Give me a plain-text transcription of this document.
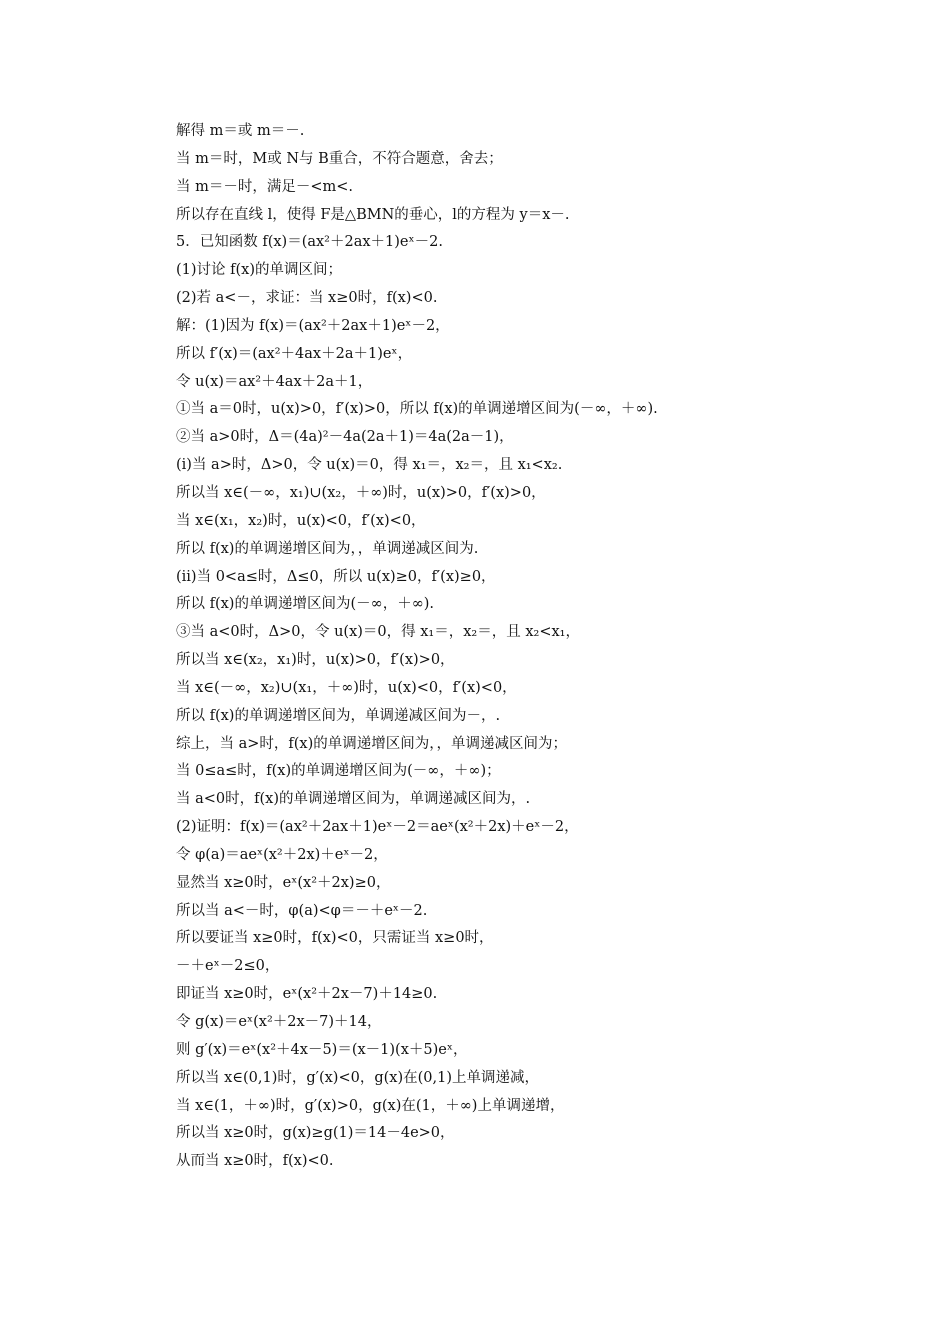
解得 m＝或 m＝－.
当 m＝时，M或 N与 B重合，不符合题意，舍去；
当 m＝－时，满足－<m<.
所以存在直线 l，使得 F是△BMN的垂心，l的方程为 y＝x－.
5．已知函数 f(x)＝(ax²＋2ax＋1)eˣ－2.
(1)讨论 f(x)的单调区间；
(2)若 a<－，求证：当 x≥0时，f(x)<0.
解：(1)因为 f(x)＝(ax²＋2ax＋1)eˣ－2，
所以 f′(x)＝(ax²＋4ax＋2a＋1)eˣ，
令 u(x)＝ax²＋4ax＋2a＋1，
①当 a＝0时，u(x)>0，f′(x)>0，所以 f(x)的单调递增区间为(－∞，＋∞).
②当 a>0时，Δ＝(4a)²－4a(2a＋1)＝4a(2a－1)，
(ⅰ)当 a>时，Δ>0，令 u(x)＝0，得 x₁＝，x₂＝，且 x₁<x₂.
所以当 x∈(－∞，x₁)∪(x₂，＋∞)时，u(x)>0，f′(x)>0，
当 x∈(x₁，x₂)时，u(x)<0，f′(x)<0，
所以 f(x)的单调递增区间为，，单调递减区间为.
(ⅱ)当 0<a≤时，Δ≤0，所以 u(x)≥0，f′(x)≥0，
所以 f(x)的单调递增区间为(－∞，＋∞).
③当 a<0时，Δ>0，令 u(x)＝0，得 x₁＝，x₂＝，且 x₂<x₁，
所以当 x∈(x₂，x₁)时，u(x)>0，f′(x)>0，
当 x∈(－∞，x₂)∪(x₁，＋∞)时，u(x)<0，f′(x)<0，
所以 f(x)的单调递增区间为，单调递减区间为－，.
综上，当 a>时，f(x)的单调递增区间为，，单调递减区间为；
当 0≤a≤时，f(x)的单调递增区间为(－∞，＋∞)；
当 a<0时，f(x)的单调递增区间为，单调递减区间为，.
(2)证明：f(x)＝(ax²＋2ax＋1)eˣ－2＝aeˣ(x²＋2x)＋eˣ－2，
令 φ(a)＝aeˣ(x²＋2x)＋eˣ－2，
显然当 x≥0时，eˣ(x²＋2x)≥0，
所以当 a<－时，φ(a)<φ＝－＋eˣ－2.
所以要证当 x≥0时，f(x)<0，只需证当 x≥0时，
－＋eˣ－2≤0，
即证当 x≥0时，eˣ(x²＋2x－7)＋14≥0.
令 g(x)＝eˣ(x²＋2x－7)＋14，
则 g′(x)＝eˣ(x²＋4x－5)＝(x－1)(x＋5)eˣ，
所以当 x∈(0,1)时，g′(x)<0，g(x)在(0,1)上单调递减，
当 x∈(1，＋∞)时，g′(x)>0，g(x)在(1，＋∞)上单调递增，
所以当 x≥0时，g(x)≥g(1)＝14－4e>0，
从而当 x≥0时，f(x)<0.
